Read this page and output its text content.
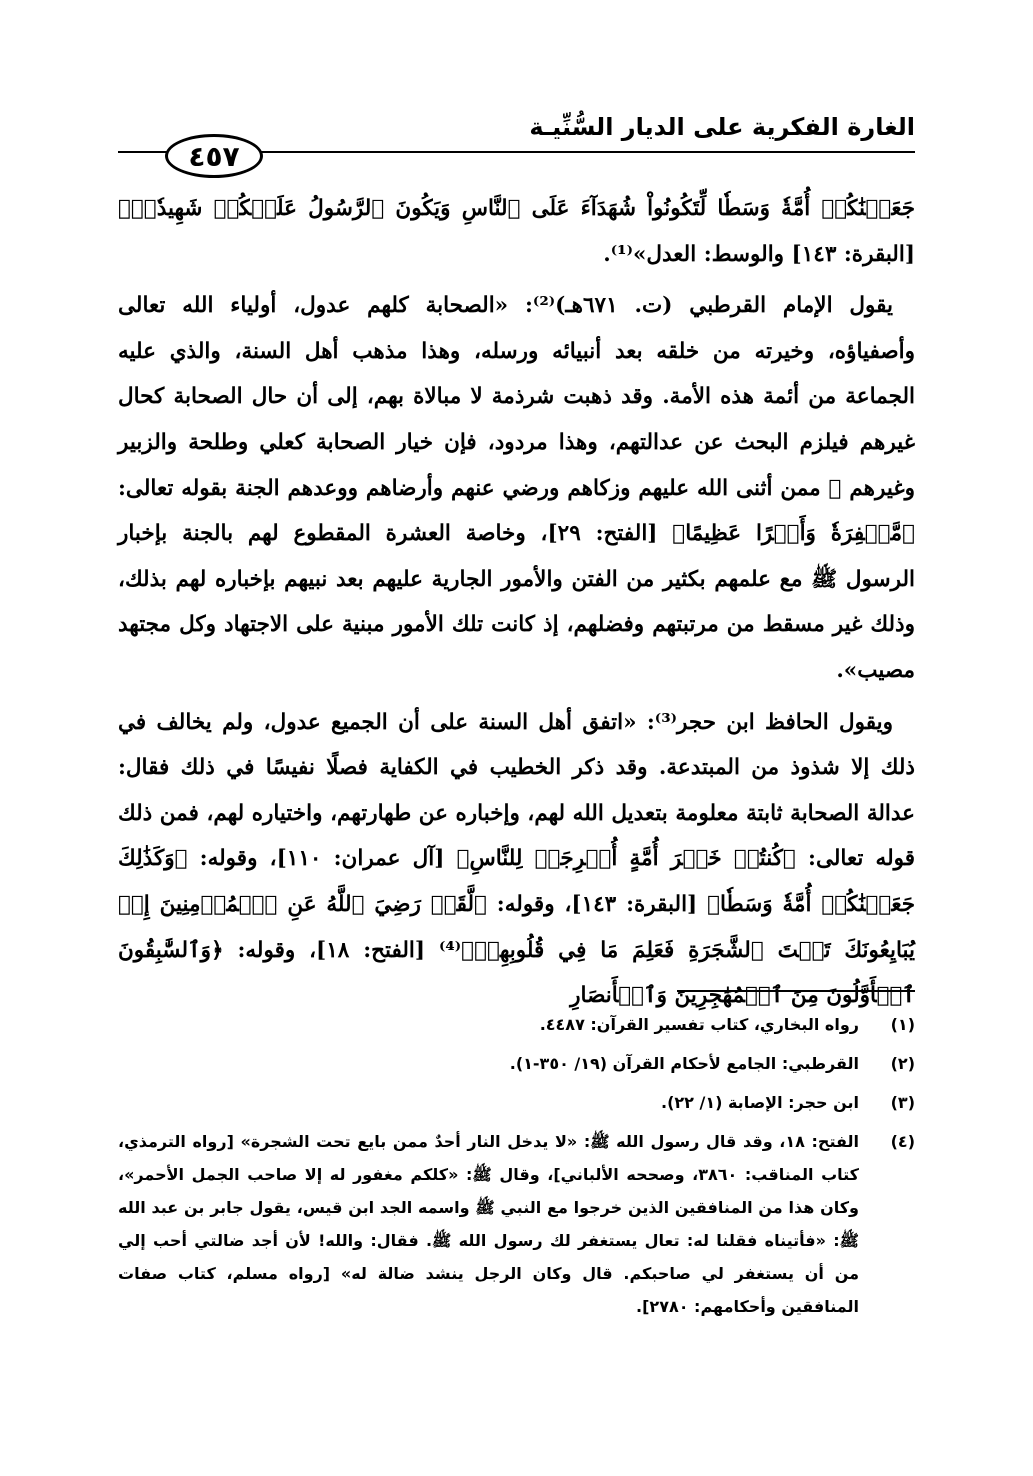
الغارة الفكرية على الديار السُّنِّيـة
٤٥٧

جَعَلۡنَٰكُمۡ أُمَّةٗ وَسَطٗا لِّتَكُونُواْ شُهَدَآءَ عَلَى ٱلنَّاسِ وَيَكُونَ ٱلرَّسُولُ عَلَيۡكُمۡ شَهِيدٗاۗ﴾ [البقرة: ١٤٣] والوسط: العدل»⁽¹⁾.

يقول الإمام القرطبي (ت. ٦٧١هـ)⁽²⁾: «الصحابة كلهم عدول، أولياء الله تعالى وأصفياؤه، وخيرته من خلقه بعد أنبيائه ورسله، وهذا مذهب أهل السنة، والذي عليه الجماعة من أئمة هذه الأمة. وقد ذهبت شرذمة لا مبالاة بهم، إلى أن حال الصحابة كحال غيرهم فيلزم البحث عن عدالتهم، وهذا مردود، فإن خيار الصحابة كعلي وطلحة والزبير وغيرهم ﷺ ممن أثنى الله عليهم وزكاهم ورضي عنهم وأرضاهم ووعدهم الجنة بقوله تعالى: ﴿مَّغۡفِرَةٗ وَأَجۡرًا عَظِيمًا﴾ [الفتح: ٢٩]، وخاصة العشرة المقطوع لهم بالجنة بإخبار الرسول ﷺ مع علمهم بكثير من الفتن والأمور الجارية عليهم بعد نبيهم بإخباره لهم بذلك، وذلك غير مسقط من مرتبتهم وفضلهم، إذ كانت تلك الأمور مبنية على الاجتهاد وكل مجتهد مصيب».

ويقول الحافظ ابن حجر⁽³⁾: «اتفق أهل السنة على أن الجميع عدول، ولم يخالف في ذلك إلا شذوذ من المبتدعة. وقد ذكر الخطيب في الكفاية فصلًا نفيسًا في ذلك فقال: عدالة الصحابة ثابتة معلومة بتعديل الله لهم، وإخباره عن طهارتهم، واختياره لهم، فمن ذلك قوله تعالى: ﴿كُنتُمۡ خَيۡرَ أُمَّةٍ أُخۡرِجَتۡ لِلنَّاسِ﴾ [آل عمران: ١١٠]، وقوله: ﴿وَكَذَٰلِكَ جَعَلۡنَٰكُمۡ أُمَّةٗ وَسَطٗا﴾ [البقرة: ١٤٣]، وقوله: ﴿لَّقَدۡ رَضِيَ ٱللَّهُ عَنِ ٱلۡمُؤۡمِنِينَ إِذۡ يُبَايِعُونَكَ تَحۡتَ ٱلشَّجَرَةِ فَعَلِمَ مَا فِي قُلُوبِهِمۡ﴾⁽⁴⁾ [الفتح: ١٨]، وقوله: ﴿وَٱلسَّٰبِقُونَ ٱلۡأَوَّلُونَ مِنَ ٱلۡمُهَٰجِرِينَ وَٱلۡأَنصَارِ

(١)
رواه البخاري، كتاب تفسير القرآن: ٤٤٨٧.
(٢)
القرطبي: الجامع لأحكام القرآن (١٩/ ٣٥٠-١).
(٣)
ابن حجر: الإصابة (١/ ٢٢).
(٤)
الفتح: ١٨، وقد قال رسول الله ﷺ: «لا يدخل النار أحدٌ ممن بايع تحت الشجرة» [رواه الترمذي، كتاب المناقب: ٣٨٦٠، وصححه الألباني]، وقال ﷺ: «كلكم مغفور له إلا صاحب الجمل الأحمر»، وكان هذا من المنافقين الذين خرجوا مع النبي ﷺ واسمه الجد ابن قيس، يقول جابر بن عبد الله ﷺ: «فأتيناه فقلنا له: تعال يستغفر لك رسول الله ﷺ. فقال: والله! لأن أجد ضالتي أحب إلي من أن يستغفر لي صاحبكم. قال وكان الرجل ينشد ضالة له» [رواه مسلم، كتاب صفات المنافقين وأحكامهم: ٢٧٨٠].
